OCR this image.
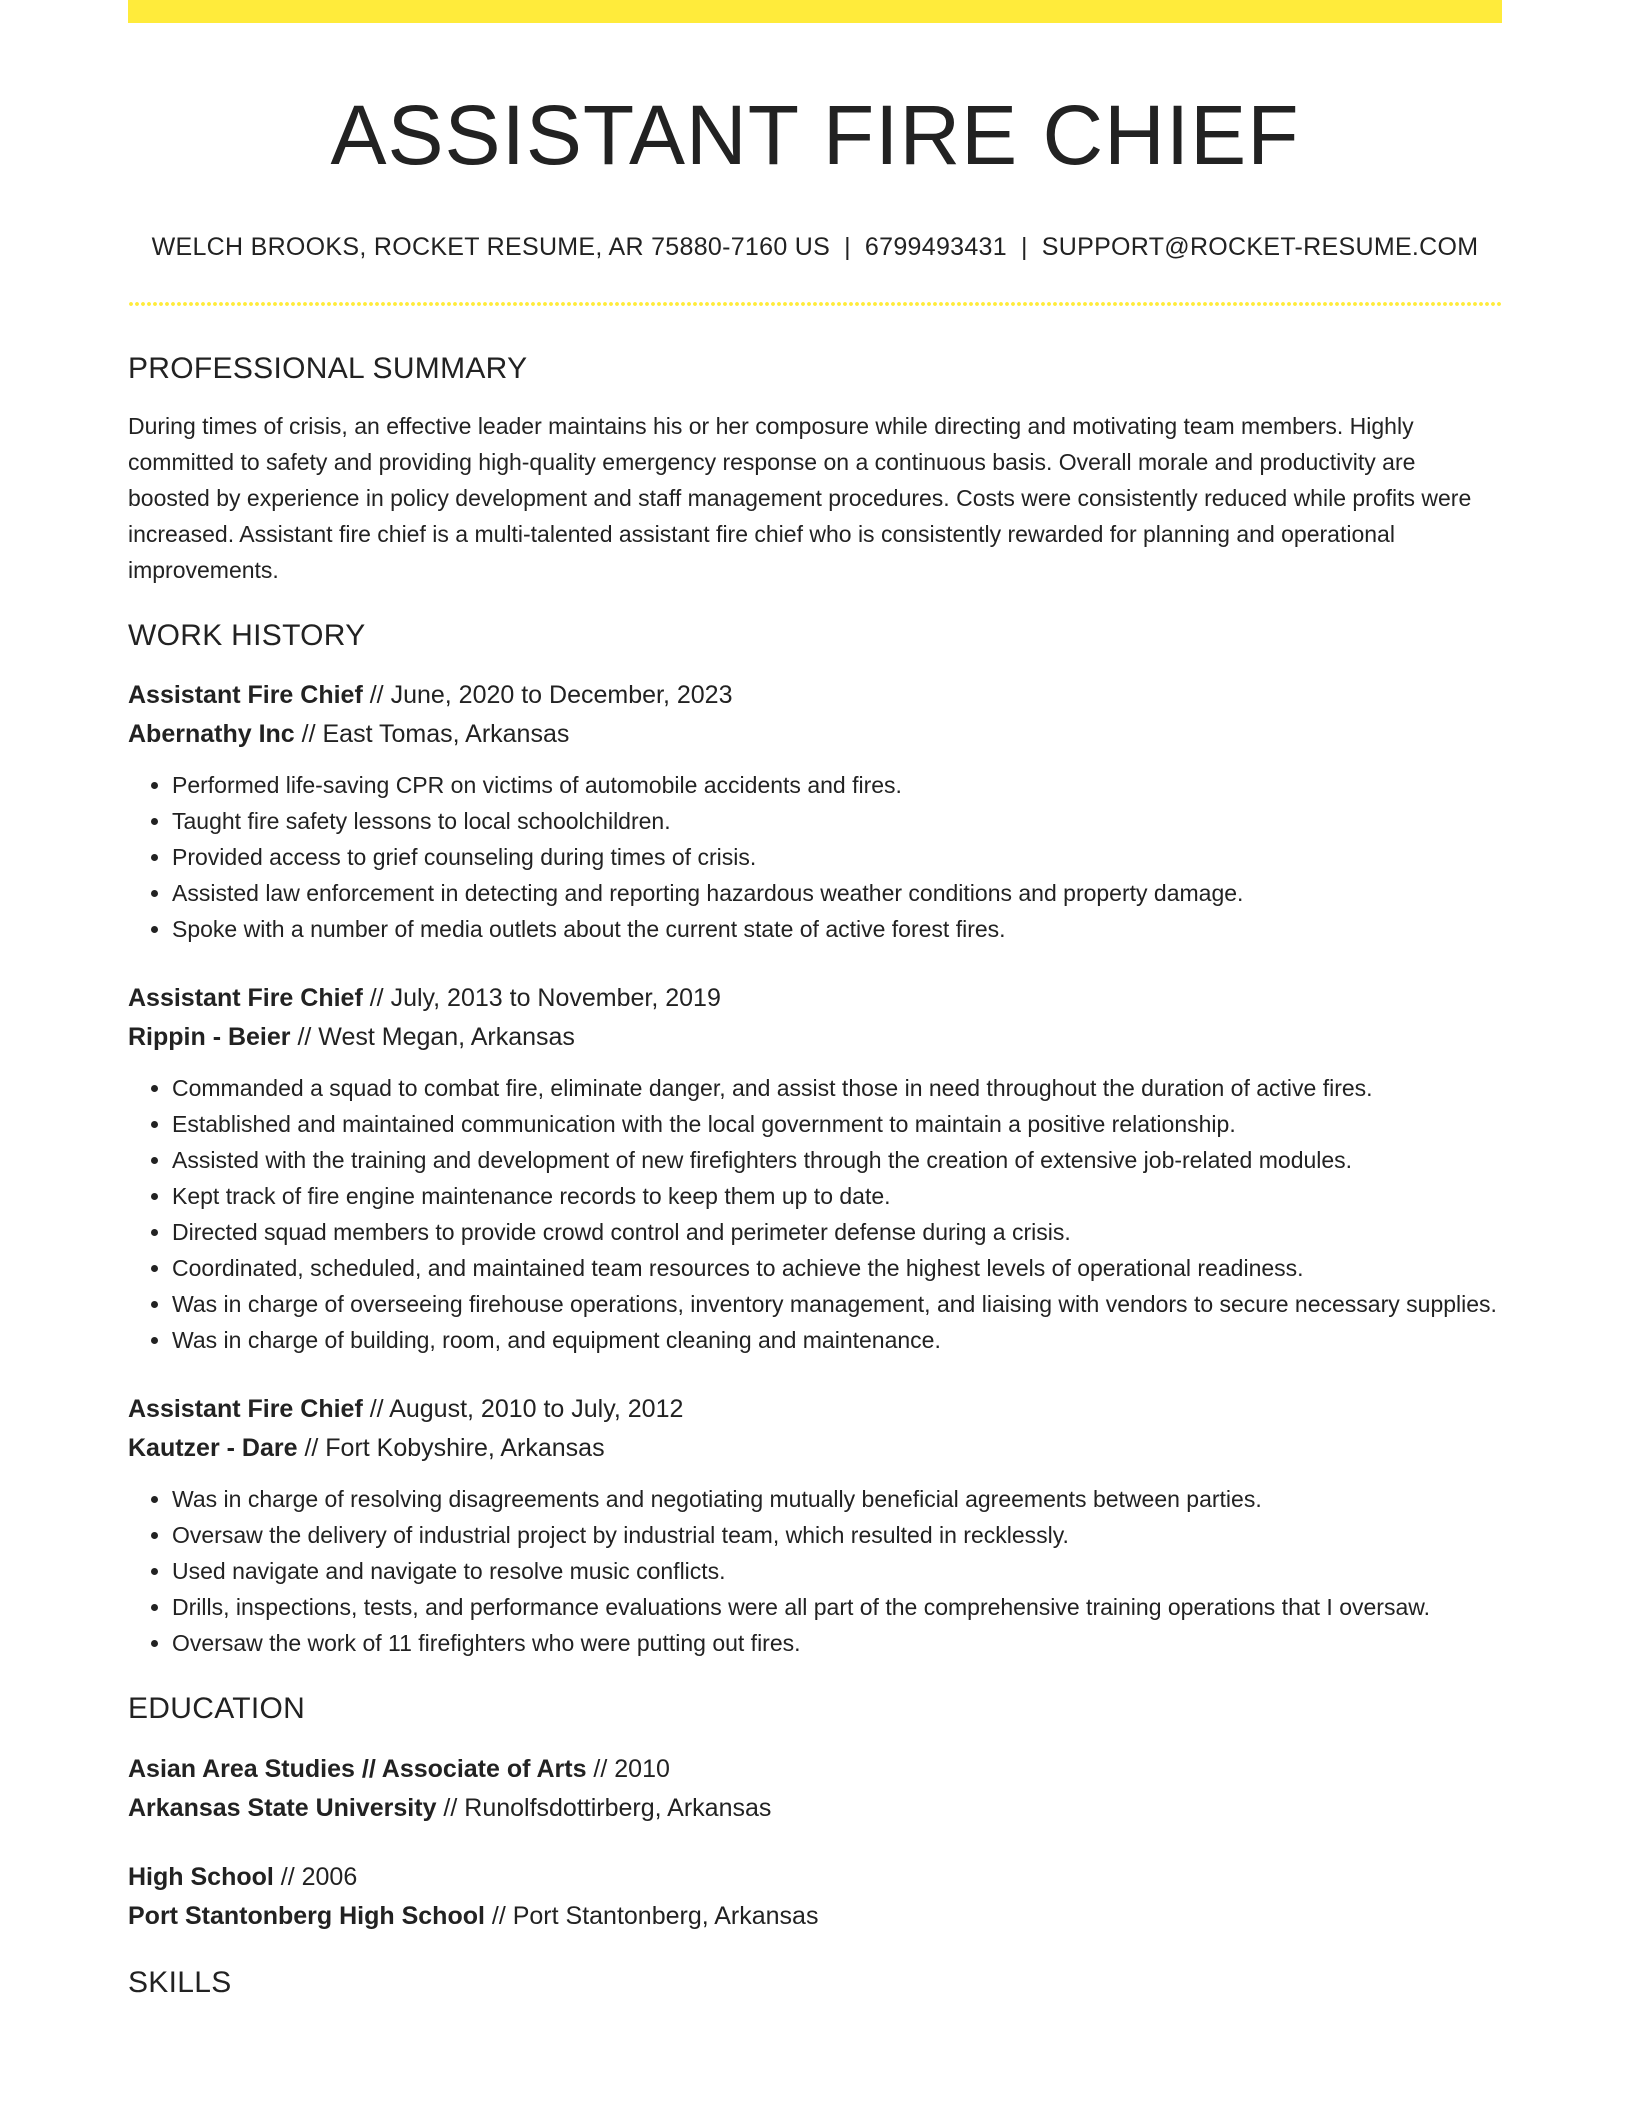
ASSISTANT FIRE CHIEF
WELCH BROOKS, ROCKET RESUME, AR 75880-7160 US | 6799493431 | SUPPORT@ROCKET-RESUME.COM
PROFESSIONAL SUMMARY

During times of crisis, an effective leader maintains his or her composure while directing and motivating team members. Highly committed to safety and providing high-quality emergency response on a continuous basis. Overall morale and productivity are boosted by experience in policy development and staff management procedures. Costs were consistently reduced while profits were increased. Assistant fire chief is a multi-talented assistant fire chief who is consistently rewarded for planning and operational improvements.

WORK HISTORY
Assistant Fire Chief // June, 2020 to December, 2023
Abernathy Inc // East Tomas, Arkansas
• Performed life-saving CPR on victims of automobile accidents and fires.
• Taught fire safety lessons to local schoolchildren.
• Provided access to grief counseling during times of crisis.
• Assisted law enforcement in detecting and reporting hazardous weather conditions and property damage.
• Spoke with a number of media outlets about the current state of active forest fires.
Assistant Fire Chief // July, 2013 to November, 2019
Rippin - Beier // West Megan, Arkansas
• Commanded a squad to combat fire, eliminate danger, and assist those in need throughout the duration of active fires.
• Established and maintained communication with the local government to maintain a positive relationship.
• Assisted with the training and development of new firefighters through the creation of extensive job-related modules.
• Kept track of fire engine maintenance records to keep them up to date.
• Directed squad members to provide crowd control and perimeter defense during a crisis.
• Coordinated, scheduled, and maintained team resources to achieve the highest levels of operational readiness.
• Was in charge of overseeing firehouse operations, inventory management, and liaising with vendors to secure necessary supplies.
• Was in charge of building, room, and equipment cleaning and maintenance.
Assistant Fire Chief // August, 2010 to July, 2012
Kautzer - Dare // Fort Kobyshire, Arkansas
• Was in charge of resolving disagreements and negotiating mutually beneficial agreements between parties.
• Oversaw the delivery of industrial project by industrial team, which resulted in recklessly.
• Used navigate and navigate to resolve music conflicts.
• Drills, inspections, tests, and performance evaluations were all part of the comprehensive training operations that I oversaw.
• Oversaw the work of 11 firefighters who were putting out fires.
EDUCATION
Asian Area Studies // Associate of Arts // 2010
Arkansas State University // Runolfsdottirberg, Arkansas
High School // 2006
Port Stantonberg High School // Port Stantonberg, Arkansas
SKILLS
